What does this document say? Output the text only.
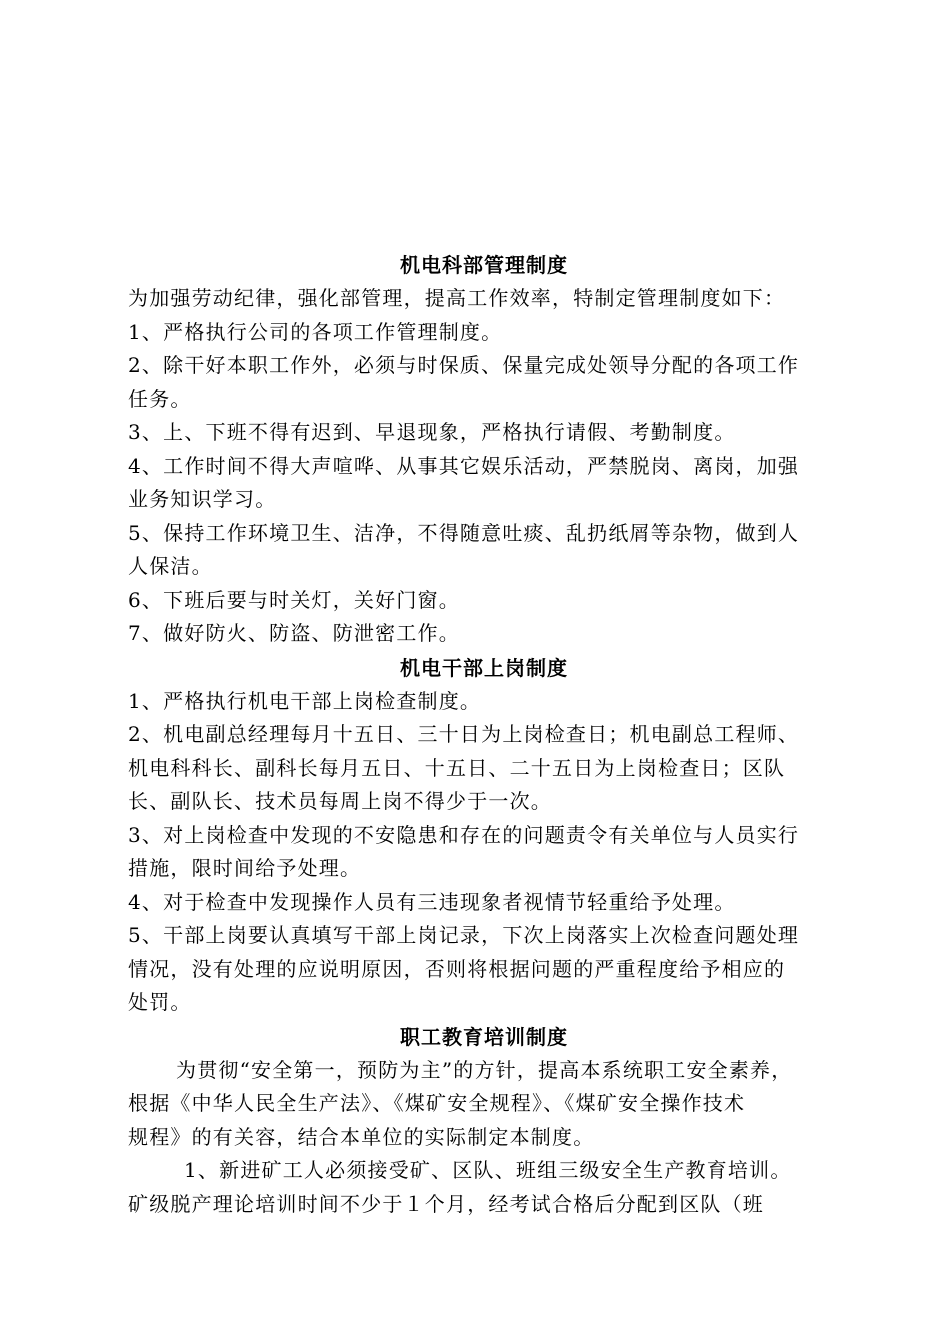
机电科部管理制度
为加强劳动纪律，强化部管理，提高工作效率，特制定管理制度如下：
1、严格执行公司的各项工作管理制度。
2、除干好本职工作外，必须与时保质、保量完成处领导分配的各项工作
任务。
3、上、下班不得有迟到、早退现象，严格执行请假、考勤制度。
4、工作时间不得大声喧哗、从事其它娱乐活动，严禁脱岗、离岗，加强
业务知识学习。
5、保持工作环境卫生、洁净，不得随意吐痰、乱扔纸屑等杂物，做到人
人保洁。
6、下班后要与时关灯，关好门窗。
7、做好防火、防盗、防泄密工作。
机电干部上岗制度
1、严格执行机电干部上岗检查制度。
2、机电副总经理每月十五日、三十日为上岗检查日；机电副总工程师、
机电科科长、副科长每月五日、十五日、二十五日为上岗检查日；区队
长、副队长、技术员每周上岗不得少于一次。
3、对上岗检查中发现的不安隐患和存在的问题责令有关单位与人员实行
措施，限时间给予处理。
4、对于检查中发现操作人员有三违现象者视情节轻重给予处理。
5、干部上岗要认真填写干部上岗记录，下次上岗落实上次检查问题处理
情况，没有处理的应说明原因，否则将根据问题的严重程度给予相应的
处罚。
职工教育培训制度
为贯彻“安全第一，预防为主”的方针，提高本系统职工安全素养，
根据《中华人民全生产法》、《煤矿安全规程》、《煤矿安全操作技术
规程》的有关容，结合本单位的实际制定本制度。
1、新进矿工人必须接受矿、区队、班组三级安全生产教育培训。
矿级脱产理论培训时间不少于１个月，经考试合格后分配到区队（班
